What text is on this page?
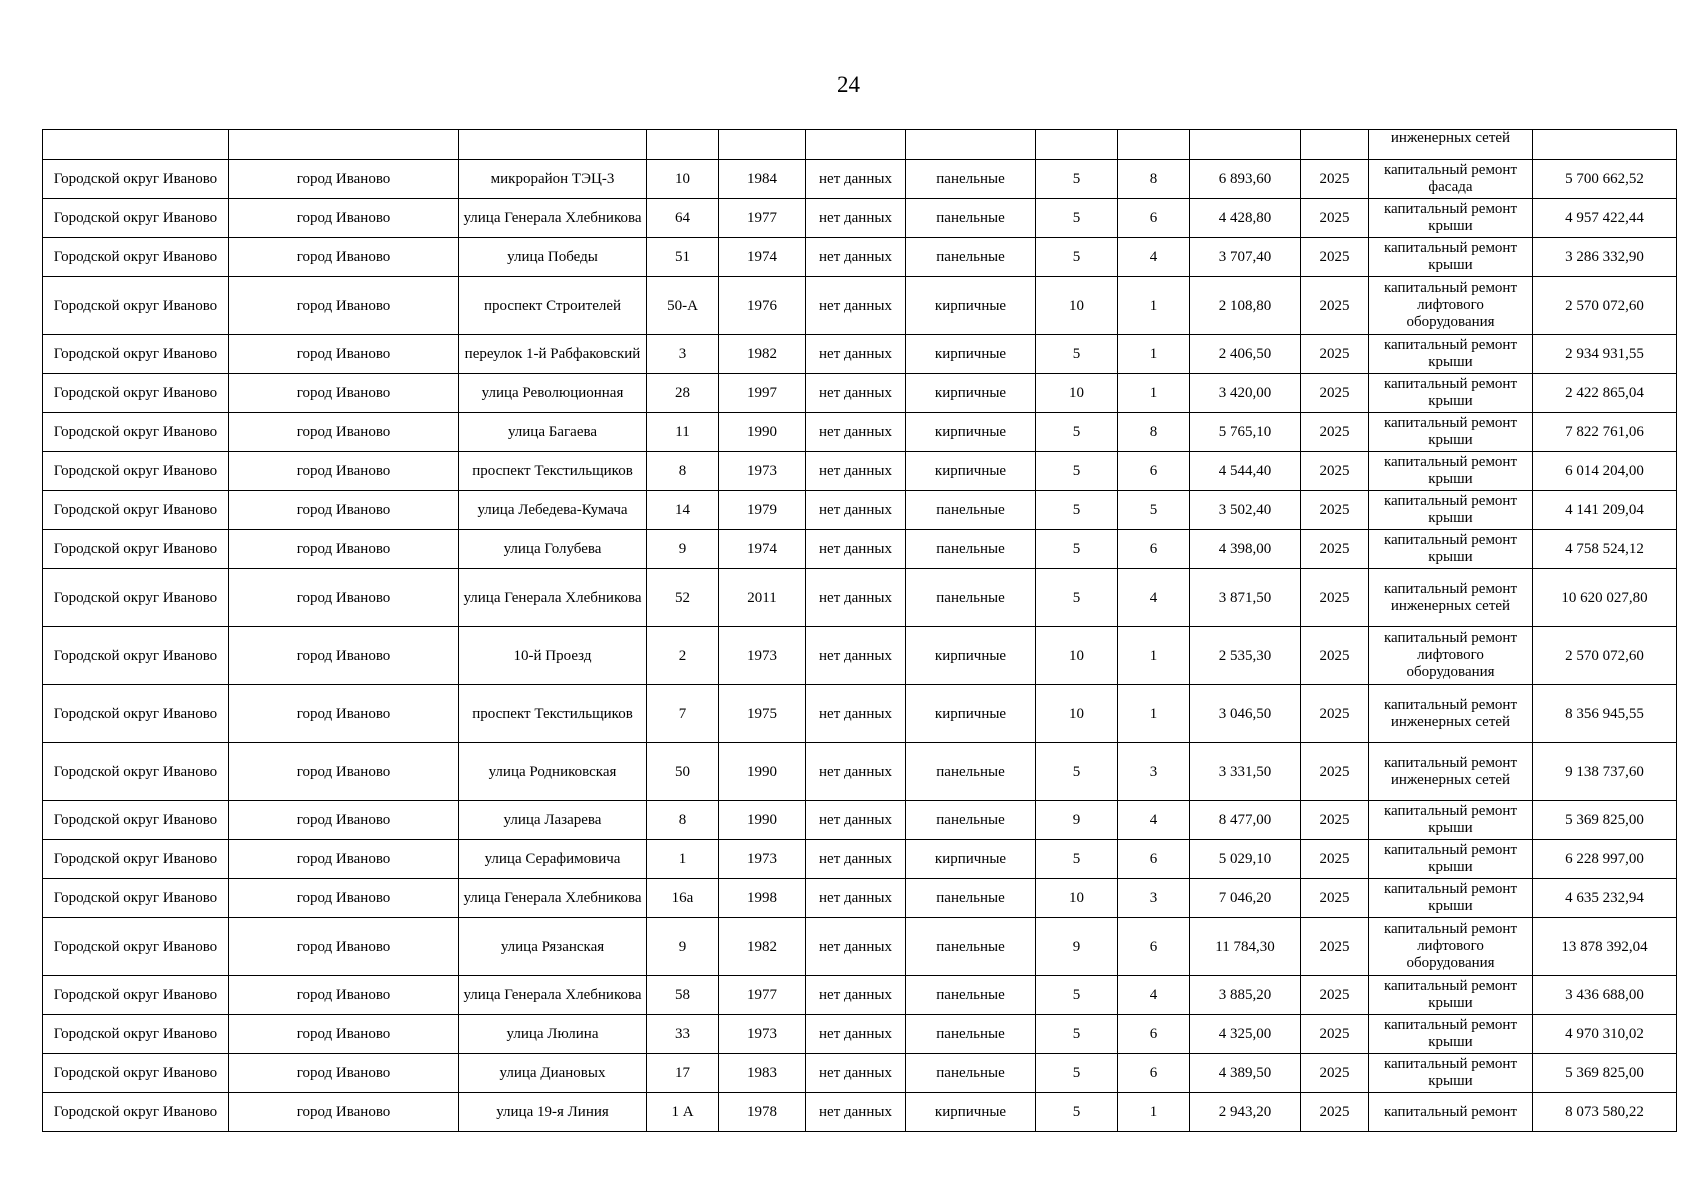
24
											инженерных сетей	
Городской округ Иваново	город Иваново	микрорайон ТЭЦ-3	10	1984	нет данных	панельные	5	8	6 893,60	2025	капитальный ремонт фасада	5 700 662,52
Городской округ Иваново	город Иваново	улица Генерала Хлебникова	64	1977	нет данных	панельные	5	6	4 428,80	2025	капитальный ремонт крыши	4 957 422,44
Городской округ Иваново	город Иваново	улица Победы	51	1974	нет данных	панельные	5	4	3 707,40	2025	капитальный ремонт крыши	3 286 332,90
Городской округ Иваново	город Иваново	проспект Строителей	50-А	1976	нет данных	кирпичные	10	1	2 108,80	2025	капитальный ремонт лифтового оборудования	2 570 072,60
Городской округ Иваново	город Иваново	переулок 1-й Рабфаковский	3	1982	нет данных	кирпичные	5	1	2 406,50	2025	капитальный ремонт крыши	2 934 931,55
Городской округ Иваново	город Иваново	улица Революционная	28	1997	нет данных	кирпичные	10	1	3 420,00	2025	капитальный ремонт крыши	2 422 865,04
Городской округ Иваново	город Иваново	улица Багаева	11	1990	нет данных	кирпичные	5	8	5 765,10	2025	капитальный ремонт крыши	7 822 761,06
Городской округ Иваново	город Иваново	проспект Текстильщиков	8	1973	нет данных	кирпичные	5	6	4 544,40	2025	капитальный ремонт крыши	6 014 204,00
Городской округ Иваново	город Иваново	улица Лебедева-Кумача	14	1979	нет данных	панельные	5	5	3 502,40	2025	капитальный ремонт крыши	4 141 209,04
Городской округ Иваново	город Иваново	улица Голубева	9	1974	нет данных	панельные	5	6	4 398,00	2025	капитальный ремонт крыши	4 758 524,12
Городской округ Иваново	город Иваново	улица Генерала Хлебникова	52	2011	нет данных	панельные	5	4	3 871,50	2025	капитальный ремонт инженерных сетей	10 620 027,80
Городской округ Иваново	город Иваново	10-й Проезд	2	1973	нет данных	кирпичные	10	1	2 535,30	2025	капитальный ремонт лифтового оборудования	2 570 072,60
Городской округ Иваново	город Иваново	проспект Текстильщиков	7	1975	нет данных	кирпичные	10	1	3 046,50	2025	капитальный ремонт инженерных сетей	8 356 945,55
Городской округ Иваново	город Иваново	улица Родниковская	50	1990	нет данных	панельные	5	3	3 331,50	2025	капитальный ремонт инженерных сетей	9 138 737,60
Городской округ Иваново	город Иваново	улица Лазарева	8	1990	нет данных	панельные	9	4	8 477,00	2025	капитальный ремонт крыши	5 369 825,00
Городской округ Иваново	город Иваново	улица Серафимовича	1	1973	нет данных	кирпичные	5	6	5 029,10	2025	капитальный ремонт крыши	6 228 997,00
Городской округ Иваново	город Иваново	улица Генерала Хлебникова	16а	1998	нет данных	панельные	10	3	7 046,20	2025	капитальный ремонт крыши	4 635 232,94
Городской округ Иваново	город Иваново	улица Рязанская	9	1982	нет данных	панельные	9	6	11 784,30	2025	капитальный ремонт лифтового оборудования	13 878 392,04
Городской округ Иваново	город Иваново	улица Генерала Хлебникова	58	1977	нет данных	панельные	5	4	3 885,20	2025	капитальный ремонт крыши	3 436 688,00
Городской округ Иваново	город Иваново	улица Люлина	33	1973	нет данных	панельные	5	6	4 325,00	2025	капитальный ремонт крыши	4 970 310,02
Городской округ Иваново	город Иваново	улица Диановых	17	1983	нет данных	панельные	5	6	4 389,50	2025	капитальный ремонт крыши	5 369 825,00
Городской округ Иваново	город Иваново	улица 19-я Линия	1 А	1978	нет данных	кирпичные	5	1	2 943,20	2025	капитальный ремонт	8 073 580,22
